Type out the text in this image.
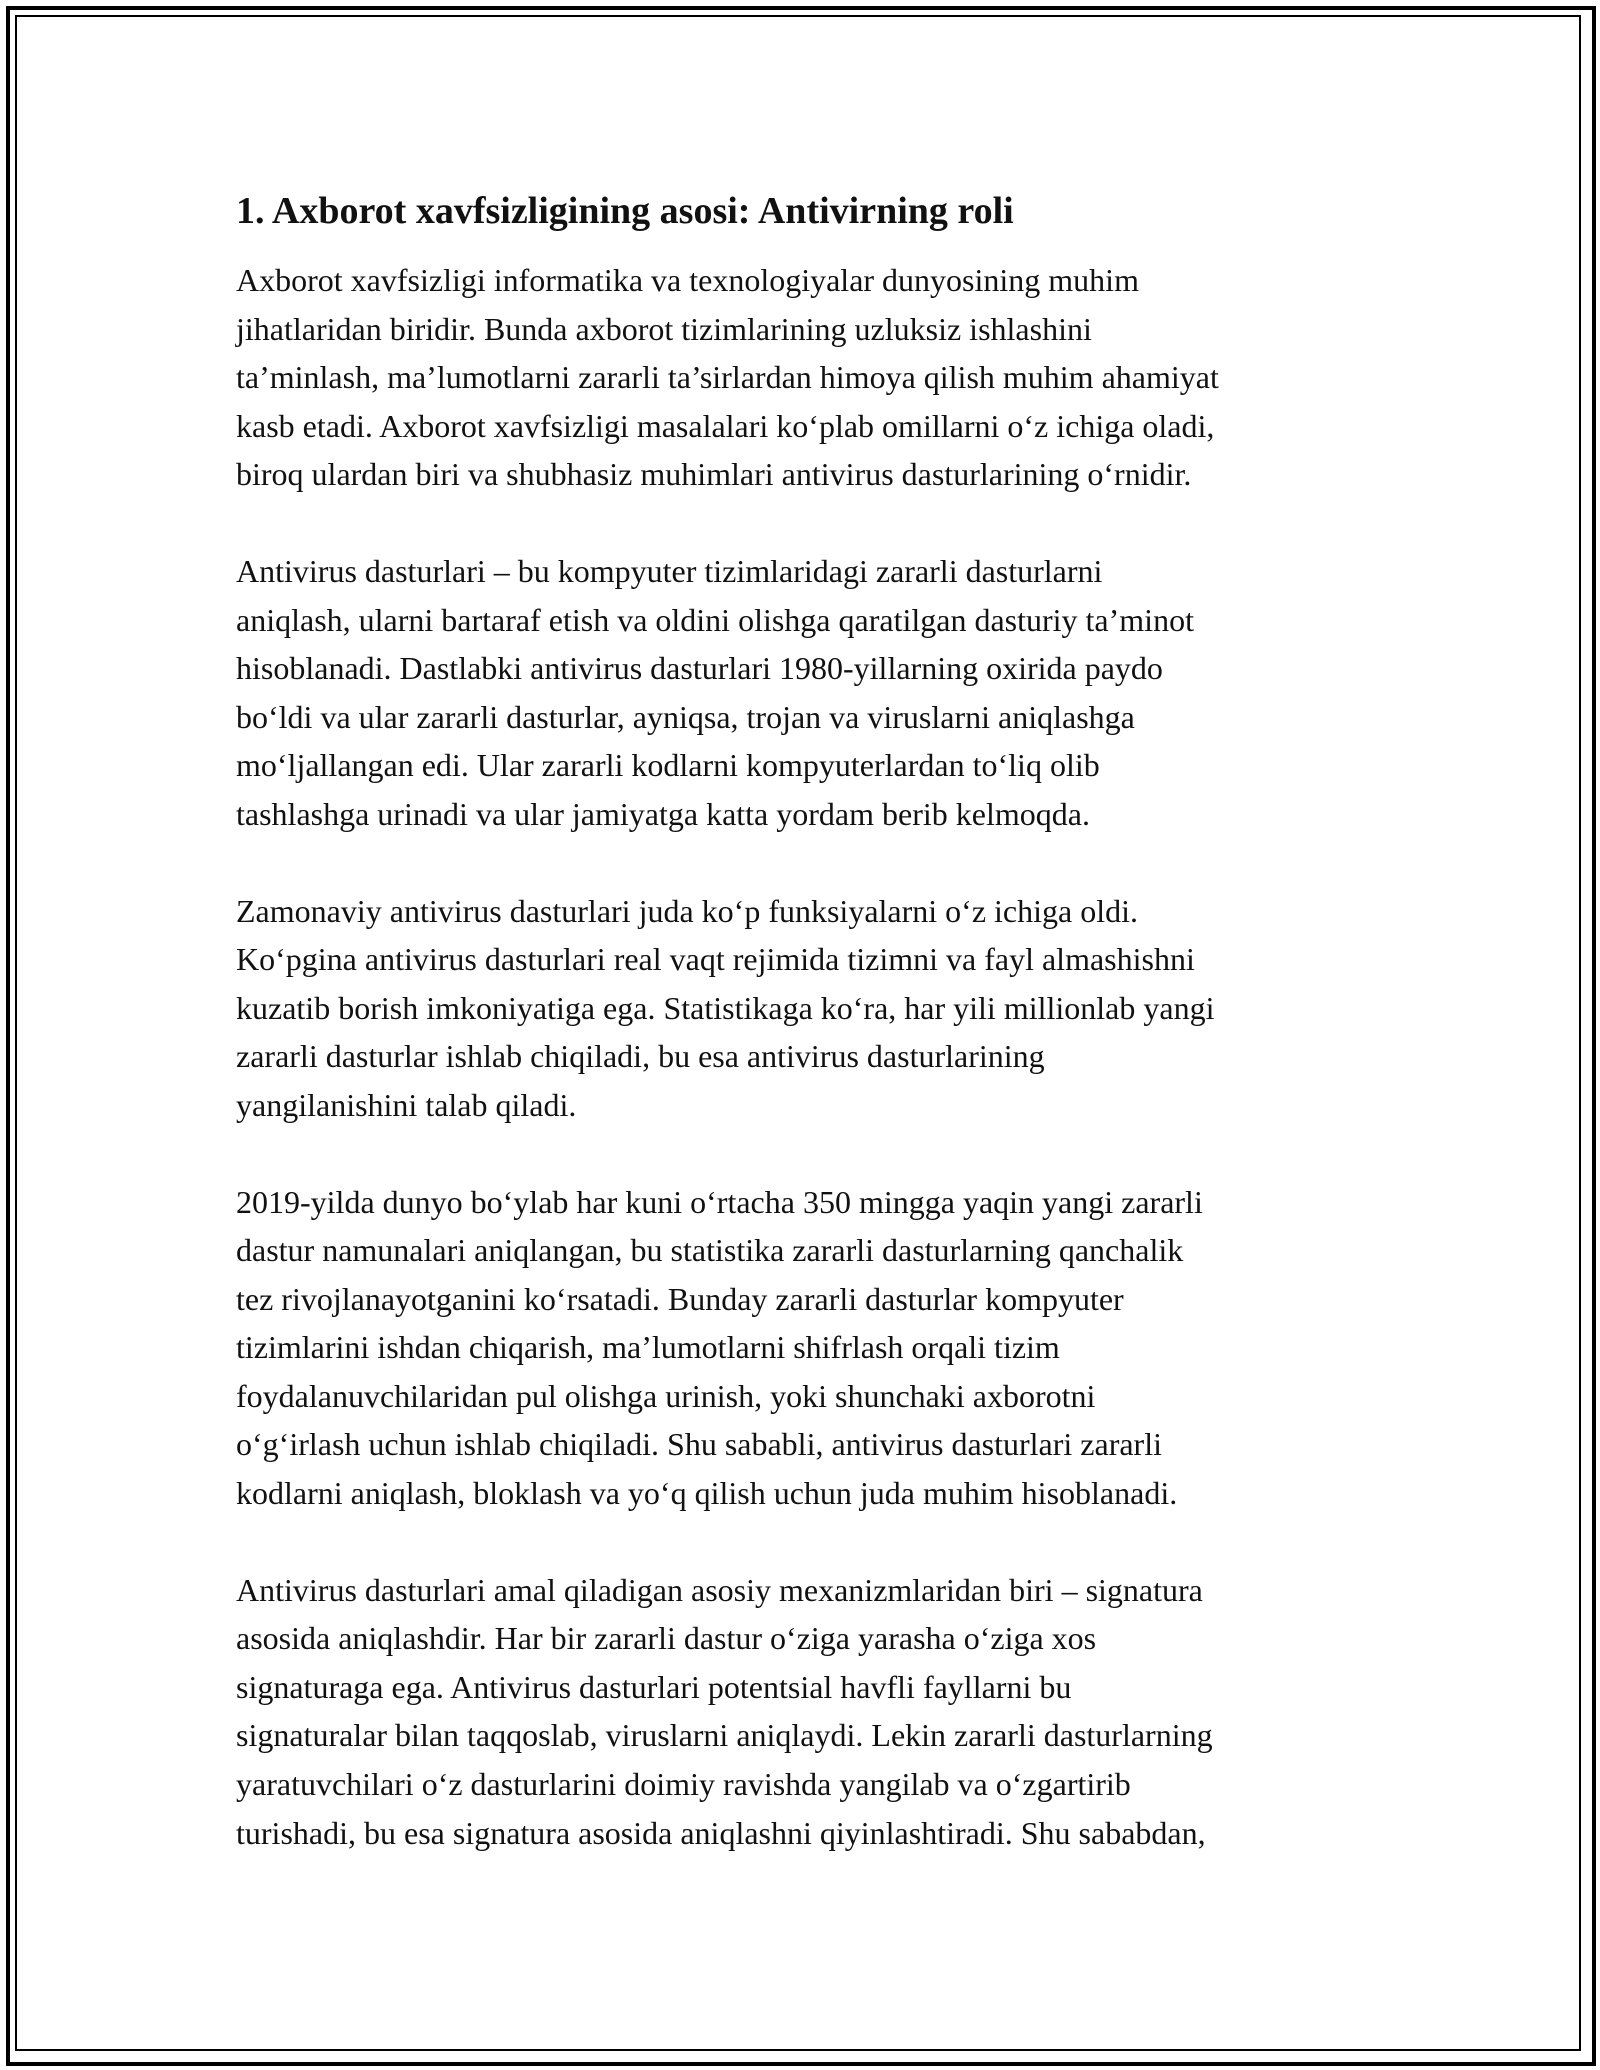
1. Axborot xavfsizligining asosi: Antivirning roli
Axborot xavfsizligi informatika va texnologiyalar dunyosining muhim
jihatlaridan biridir. Bunda axborot tizimlarining uzluksiz ishlashini
ta’minlash, ma’lumotlarni zararli ta’sirlardan himoya qilish muhim ahamiyat
kasb etadi. Axborot xavfsizligi masalalari ko‘plab omillarni o‘z ichiga oladi,
biroq ulardan biri va shubhasiz muhimlari antivirus dasturlarining o‘rnidir.
Antivirus dasturlari – bu kompyuter tizimlaridagi zararli dasturlarni
aniqlash, ularni bartaraf etish va oldini olishga qaratilgan dasturiy ta’minot
hisoblanadi. Dastlabki antivirus dasturlari 1980-yillarning oxirida paydo
bo‘ldi va ular zararli dasturlar, ayniqsa, trojan va viruslarni aniqlashga
mo‘ljallangan edi. Ular zararli kodlarni kompyuterlardan to‘liq olib
tashlashga urinadi va ular jamiyatga katta yordam berib kelmoqda.
Zamonaviy antivirus dasturlari juda ko‘p funksiyalarni o‘z ichiga oldi.
Ko‘pgina antivirus dasturlari real vaqt rejimida tizimni va fayl almashishni
kuzatib borish imkoniyatiga ega. Statistikaga ko‘ra, har yili millionlab yangi
zararli dasturlar ishlab chiqiladi, bu esa antivirus dasturlarining
yangilanishini talab qiladi.
2019-yilda dunyo bo‘ylab har kuni o‘rtacha 350 mingga yaqin yangi zararli
dastur namunalari aniqlangan, bu statistika zararli dasturlarning qanchalik
tez rivojlanayotganini ko‘rsatadi. Bunday zararli dasturlar kompyuter
tizimlarini ishdan chiqarish, ma’lumotlarni shifrlash orqali tizim
foydalanuvchilaridan pul olishga urinish, yoki shunchaki axborotni
o‘g‘irlash uchun ishlab chiqiladi. Shu sababli, antivirus dasturlari zararli
kodlarni aniqlash, bloklash va yo‘q qilish uchun juda muhim hisoblanadi.
Antivirus dasturlari amal qiladigan asosiy mexanizmlaridan biri – signatura
asosida aniqlashdir. Har bir zararli dastur o‘ziga yarasha o‘ziga xos
signaturaga ega. Antivirus dasturlari potentsial havfli fayllarni bu
signaturalar bilan taqqoslab, viruslarni aniqlaydi. Lekin zararli dasturlarning
yaratuvchilari o‘z dasturlarini doimiy ravishda yangilab va o‘zgartirib
turishadi, bu esa signatura asosida aniqlashni qiyinlashtiradi. Shu sababdan,
